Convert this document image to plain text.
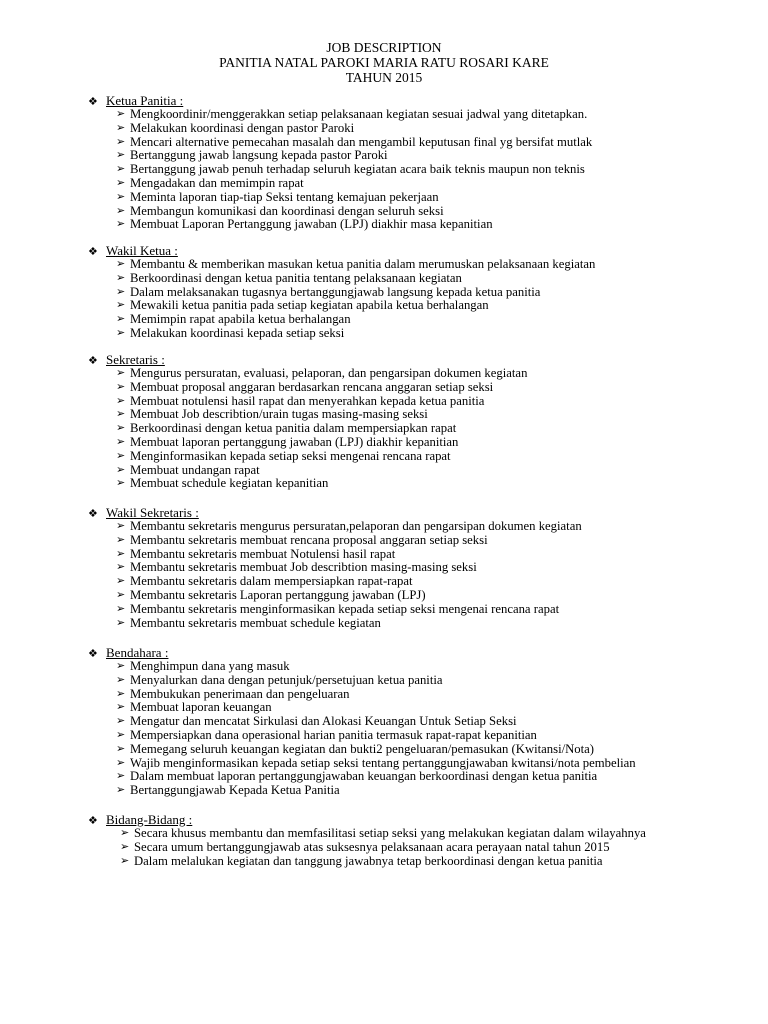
JOB DESCRIPTION
PANITIA NATAL PAROKI MARIA RATU ROSARI KARE
TAHUN 2015
❖ Ketua Panitia :
➢ Mengkoordinir/menggerakkan setiap pelaksanaan kegiatan sesuai jadwal yang ditetapkan.
➢ Melakukan koordinasi dengan pastor Paroki
➢ Mencari alternative pemecahan masalah dan mengambil keputusan final yg bersifat mutlak
➢ Bertanggung jawab langsung kepada pastor Paroki
➢ Bertanggung jawab penuh terhadap seluruh kegiatan acara baik teknis maupun non teknis
➢ Mengadakan dan memimpin rapat
➢ Meminta laporan tiap-tiap Seksi tentang kemajuan pekerjaan
➢ Membangun komunikasi dan koordinasi dengan seluruh seksi
➢ Membuat Laporan Pertanggung jawaban (LPJ) diakhir masa kepanitian
❖ Wakil Ketua :
➢ Membantu & memberikan masukan ketua panitia dalam merumuskan pelaksanaan kegiatan
➢ Berkoordinasi dengan ketua panitia tentang pelaksanaan kegiatan
➢ Dalam melaksanakan tugasnya bertanggungjawab langsung kepada ketua panitia
➢ Mewakili ketua panitia pada setiap kegiatan apabila ketua berhalangan
➢ Memimpin rapat apabila ketua berhalangan
➢ Melakukan koordinasi kepada setiap seksi
❖ Sekretaris :
➢ Mengurus persuratan, evaluasi, pelaporan, dan pengarsipan dokumen kegiatan
➢ Membuat proposal anggaran berdasarkan rencana anggaran setiap seksi
➢ Membuat notulensi hasil rapat dan menyerahkan kepada ketua panitia
➢ Membuat Job describtion/urain tugas masing-masing seksi
➢ Berkoordinasi dengan ketua panitia dalam mempersiapkan rapat
➢ Membuat laporan pertanggung jawaban (LPJ) diakhir kepanitian
➢ Menginformasikan kepada setiap seksi mengenai rencana rapat
➢ Membuat undangan rapat
➢ Membuat schedule kegiatan kepanitian
❖ Wakil Sekretaris :
➢ Membantu sekretaris mengurus persuratan,pelaporan dan pengarsipan dokumen kegiatan
➢ Membantu sekretaris membuat rencana proposal anggaran setiap seksi
➢ Membantu sekretaris membuat Notulensi hasil rapat
➢ Membantu sekretaris membuat Job describtion masing-masing seksi
➢ Membantu sekretaris dalam mempersiapkan rapat-rapat
➢ Membantu sekretaris Laporan pertanggung jawaban (LPJ)
➢ Membantu sekretaris menginformasikan kepada setiap seksi mengenai rencana rapat
➢ Membantu sekretaris membuat schedule kegiatan
❖ Bendahara :
➢ Menghimpun dana yang masuk
➢ Menyalurkan dana dengan petunjuk/persetujuan ketua panitia
➢ Membukukan penerimaan dan pengeluaran
➢ Membuat laporan keuangan
➢ Mengatur dan mencatat Sirkulasi dan Alokasi Keuangan Untuk Setiap Seksi
➢ Mempersiapkan dana operasional harian panitia termasuk rapat-rapat kepanitian
➢ Memegang seluruh keuangan kegiatan dan bukti2 pengeluaran/pemasukan (Kwitansi/Nota)
➢ Wajib menginformasikan kepada setiap seksi tentang pertanggungjawaban kwitansi/nota pembelian
➢ Dalam membuat laporan pertanggungjawaban keuangan berkoordinasi dengan ketua panitia
➢ Bertanggungjawab Kepada Ketua Panitia
❖ Bidang-Bidang :
➢ Secara khusus membantu dan memfasilitasi setiap seksi yang melakukan kegiatan dalam wilayahnya
➢ Secara umum bertanggungjawab atas suksesnya pelaksanaan acara perayaan natal tahun 2015
➢ Dalam melalukan kegiatan dan tanggung jawabnya tetap berkoordinasi dengan ketua panitia
